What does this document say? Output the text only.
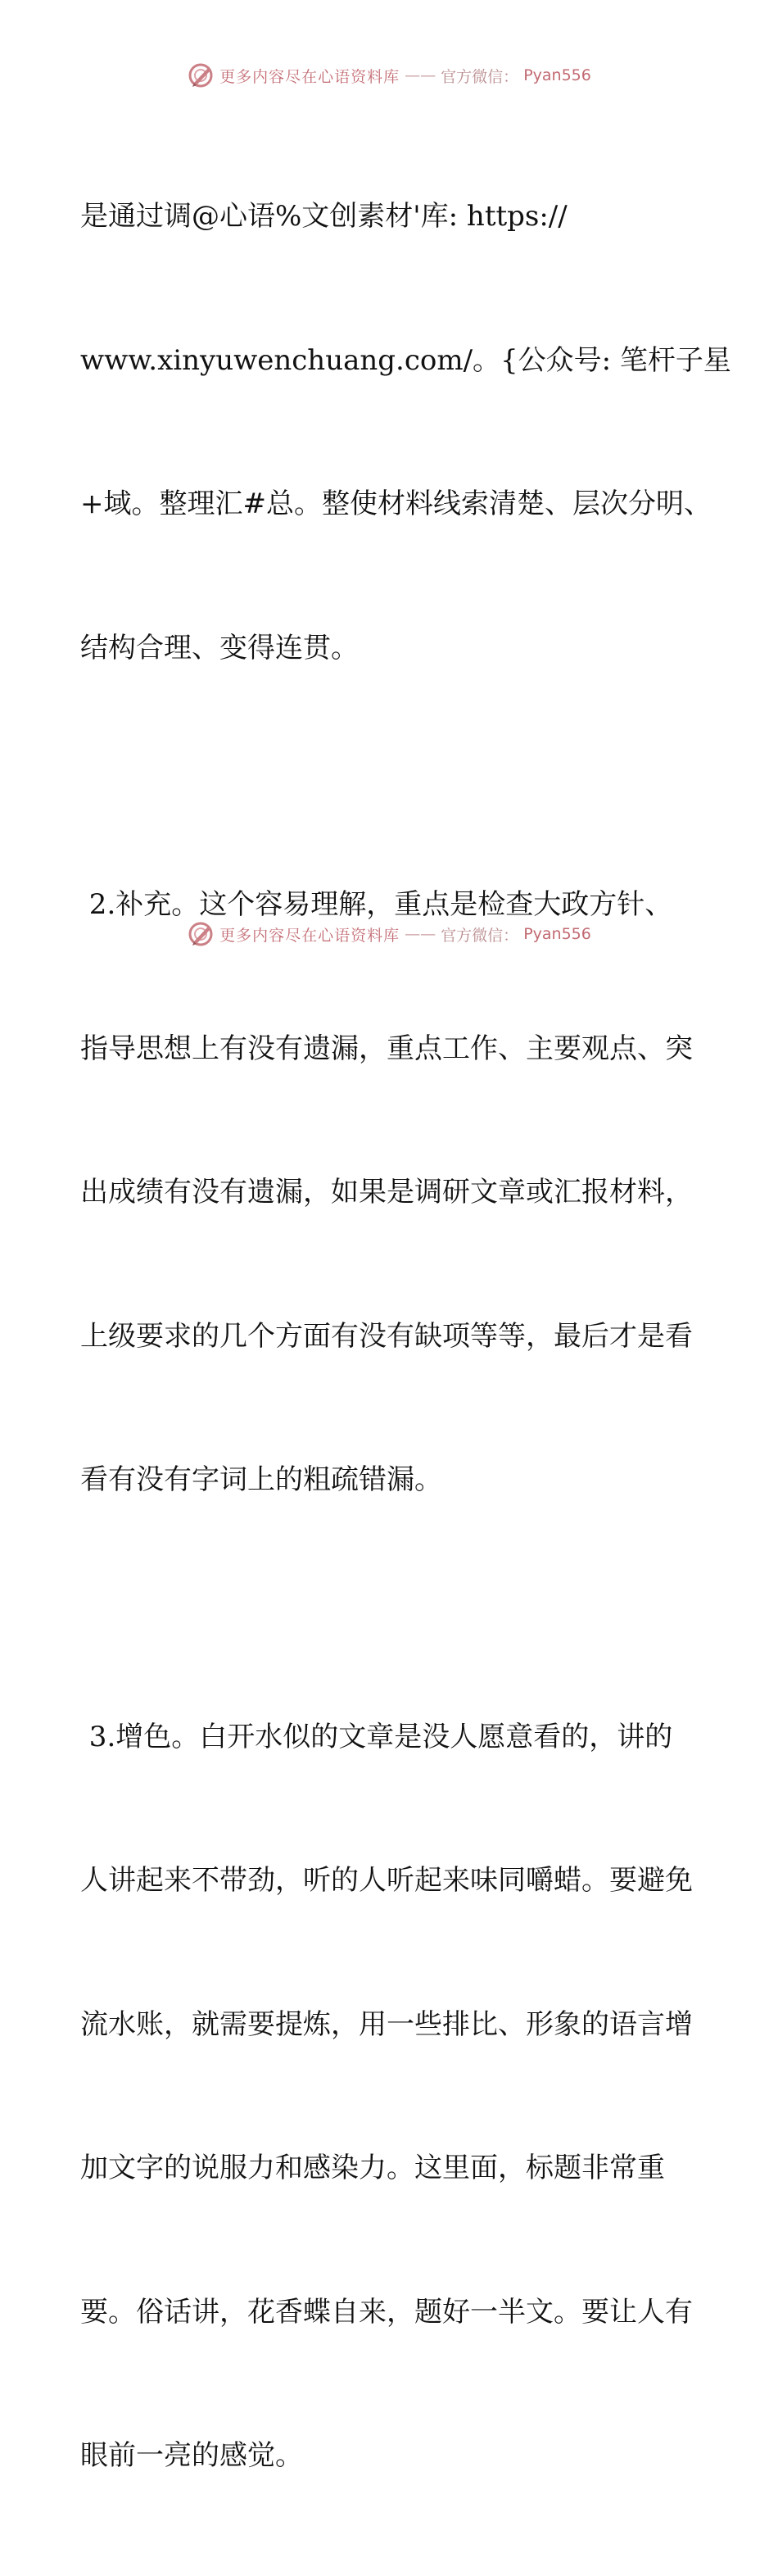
更多内容尽在心语资料库 —— 官方微信： Pyan556

是通过调@心语%文创素材'库: https://

www.xinyuwenchuang.com/。{公众号: 笔杆子星

+域。整理汇#总。整使材料线索清楚、层次分明、

结构合理、变得连贯。

2.补充。这个容易理解，重点是检查大政方针、

指导思想上有没有遗漏，重点工作、主要观点、突

出成绩有没有遗漏，如果是调研文章或汇报材料，

上级要求的几个方面有没有缺项等等，最后才是看

看有没有字词上的粗疏错漏。

3.增色。白开水似的文章是没人愿意看的，讲的

人讲起来不带劲，听的人听起来味同嚼蜡。要避免

流水账，就需要提炼，用一些排比、形象的语言增

加文字的说服力和感染力。这里面，标题非常重

要。俗话讲，花香蝶自来，题好一半文。要让人有

眼前一亮的感觉。

更多内容尽在心语资料库 —— 官方微信： Pyan556
